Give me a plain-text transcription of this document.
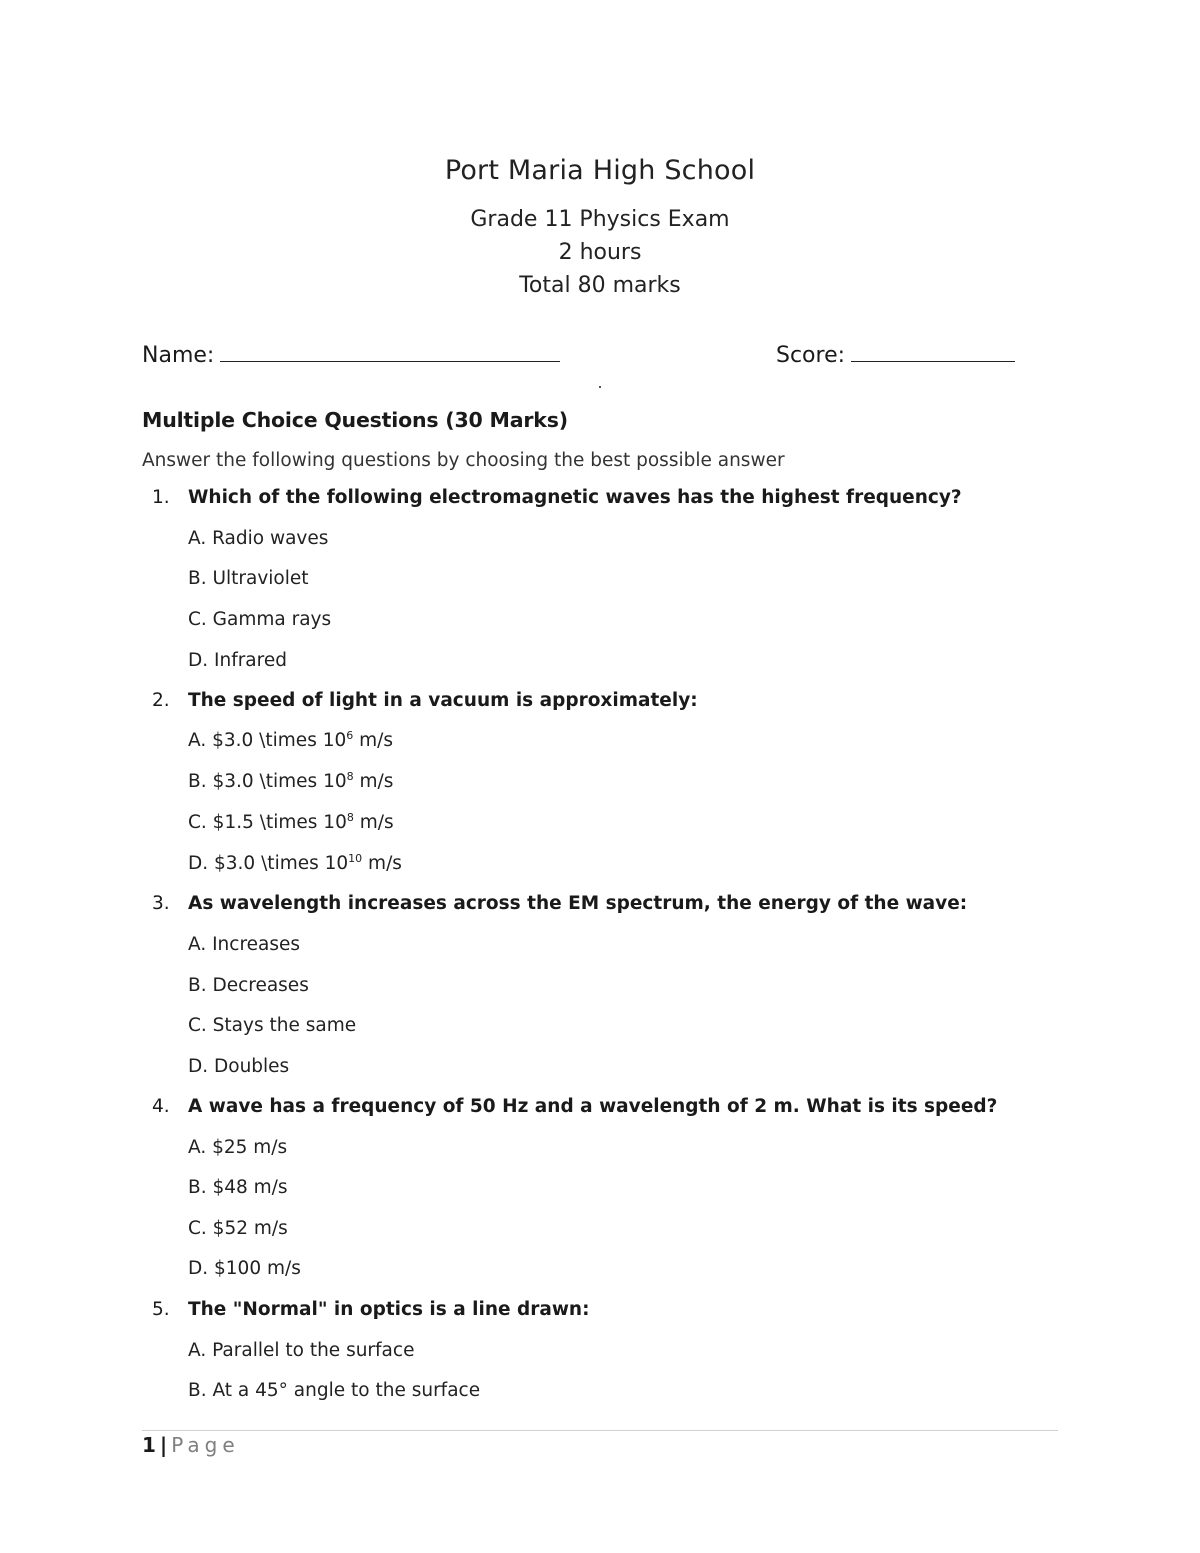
Port Maria High School
Grade 11 Physics Exam
2 hours
Total 80 marks
Name:	Score:
Multiple Choice Questions (30 Marks)
Answer the following questions by choosing the best possible answer
1. Which of the following electromagnetic waves has the highest frequency?
A. Radio waves
B. Ultraviolet
C. Gamma rays
D. Infrared
2. The speed of light in a vacuum is approximately:
A. $3.0 \times $10^6$ m/s
B. $3.0 \times $10^8$ m/s
C. $1.5 \times $10^8$ m/s
D. $3.0 \times $10^{10}$ m/s
3. As wavelength increases across the EM spectrum, the energy of the wave:
A. Increases
B. Decreases
C. Stays the same
D. Doubles
4. A wave has a frequency of 50 Hz and a wavelength of 2 m. What is its speed?
A. $25 m/s
B. $48 m/s
C. $52 m/s
D. $100 m/s
5. The "Normal" in optics is a line drawn:
A. Parallel to the surface
B. At a 45° angle to the surface
1 | Page
